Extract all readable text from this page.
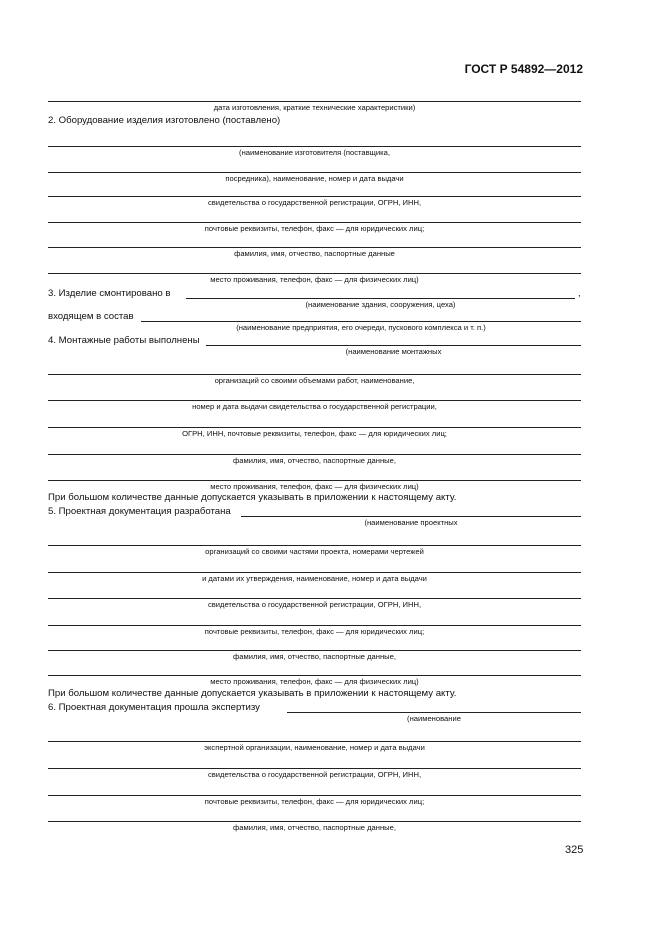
ГОСТ Р 54892—2012
дата изготовления, краткие технические характеристики)
2. Оборудование изделия изготовлено (поставлено)
(наименование изготовителя (поставщика,
посредника), наименование, номер и дата выдачи
свидетельства о государственной регистрации, ОГРН, ИНН,
почтовые реквизиты, телефон, факс — для юридических лиц;
фамилия, имя, отчество, паспортные данные
место проживания, телефон, факс — для физических лиц)
3. Изделие смонтировано в	,
(наименование здания, сооружения, цеха)
входящем в состав
(наименование предприятия, его очереди, пускового комплекса и т. п.)
4. Монтажные работы выполнены
(наименование монтажных
организаций со своими объемами работ, наименование,
номер и дата выдачи свидетельства о государственной регистрации,
ОГРН, ИНН, почтовые реквизиты, телефон, факс — для юридических лиц;
фамилия, имя, отчество, паспортные данные,
место проживания, телефон, факс — для физических лиц)
При большом количестве данные допускается указывать в приложении к настоящему акту.
5. Проектная документация разработана
(наименование проектных
организаций со своими частями проекта, номерами чертежей
и датами их утверждения, наименование, номер и дата выдачи
свидетельства о государственной регистрации, ОГРН, ИНН,
почтовые реквизиты, телефон, факс — для юридических лиц;
фамилия, имя, отчество, паспортные данные,
место проживания, телефон, факс — для физических лиц)
При большом количестве данные допускается указывать в приложении к настоящему акту.
6. Проектная документация прошла экспертизу
(наименование
экспертной организации, наименование, номер и дата выдачи
свидетельства о государственной регистрации, ОГРН, ИНН,
почтовые реквизиты, телефон, факс — для юридических лиц;
фамилия, имя, отчество, паспортные данные,
325
